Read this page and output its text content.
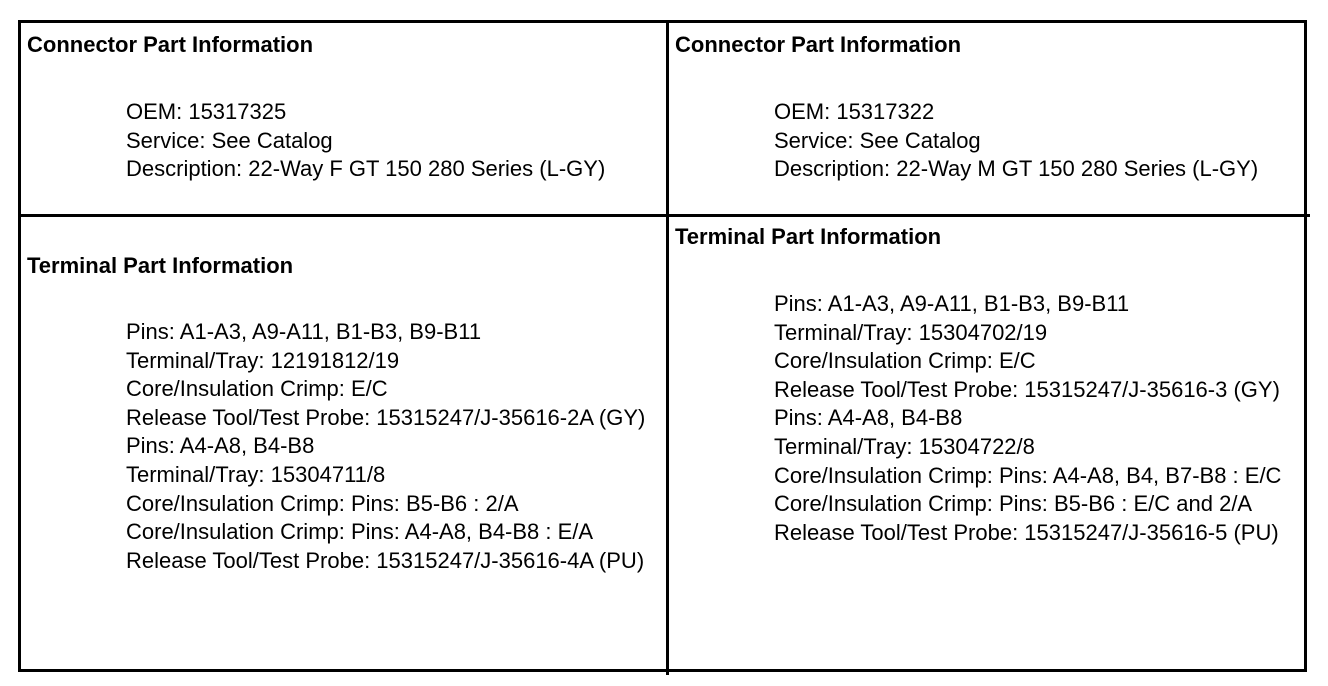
Connector Part Information
OEM: 15317325
Service: See Catalog
Description: 22-Way F GT 150 280 Series (L-GY)
Connector Part Information
OEM: 15317322
Service: See Catalog
Description: 22-Way M GT 150 280 Series (L-GY)
Terminal Part Information
Pins: A1-A3, A9-A11, B1-B3, B9-B11
Terminal/Tray: 12191812/19
Core/Insulation Crimp: E/C
Release Tool/Test Probe: 15315247/J-35616-2A (GY)
Pins: A4-A8, B4-B8
Terminal/Tray: 15304711/8
Core/Insulation Crimp: Pins: B5-B6 : 2/A
Core/Insulation Crimp: Pins: A4-A8, B4-B8 : E/A
Release Tool/Test Probe: 15315247/J-35616-4A (PU)
Terminal Part Information
Pins: A1-A3, A9-A11, B1-B3, B9-B11
Terminal/Tray: 15304702/19
Core/Insulation Crimp: E/C
Release Tool/Test Probe: 15315247/J-35616-3 (GY)
Pins: A4-A8, B4-B8
Terminal/Tray: 15304722/8
Core/Insulation Crimp: Pins: A4-A8, B4, B7-B8 : E/C
Core/Insulation Crimp: Pins: B5-B6 : E/C and 2/A
Release Tool/Test Probe: 15315247/J-35616-5 (PU)
